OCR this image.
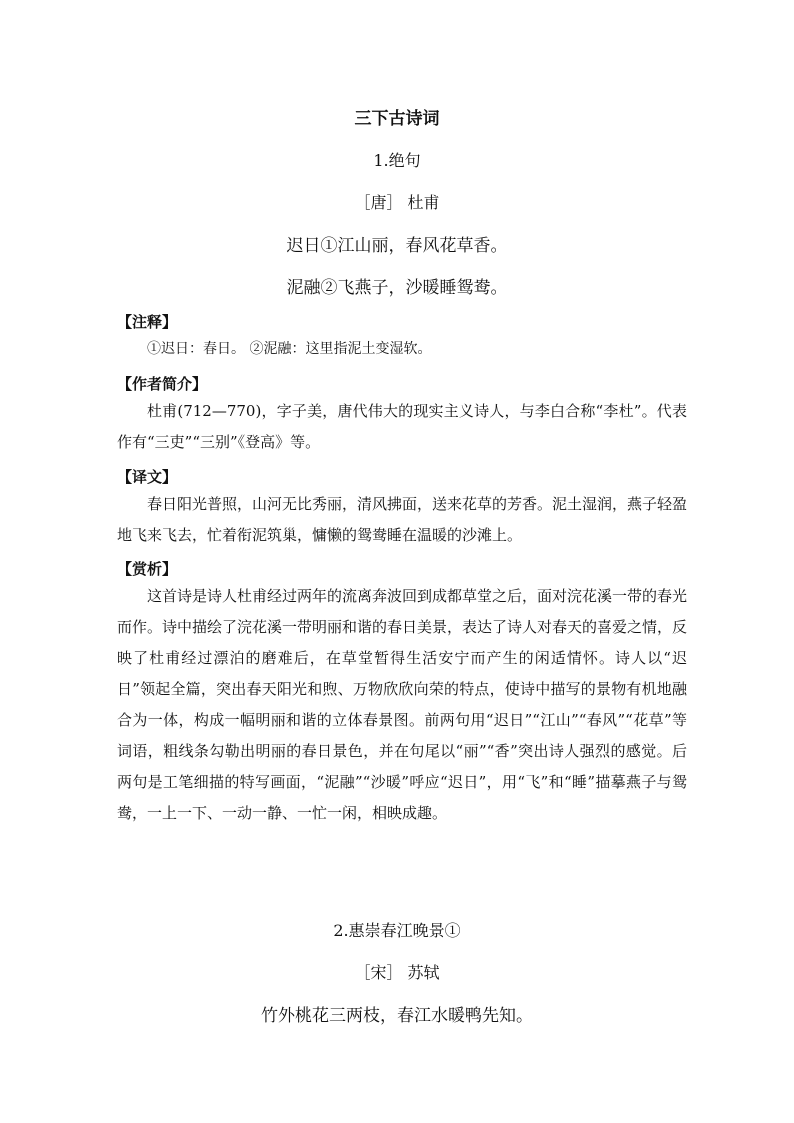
三下古诗词
1.绝句
［唐］ 杜甫
迟日①江山丽，春风花草香。
泥融②飞燕子，沙暖睡鸳鸯。
【注释】
①迟日：春日。 ②泥融：这里指泥土变湿软。
【作者简介】
杜甫(712—770)，字子美，唐代伟大的现实主义诗人，与李白合称“李杜”。代表作有“三吏”“三别”《登高》等。
【译文】
春日阳光普照，山河无比秀丽，清风拂面，送来花草的芳香。泥土湿润，燕子轻盈地飞来飞去，忙着衔泥筑巢，慵懒的鸳鸯睡在温暖的沙滩上。
【赏析】
这首诗是诗人杜甫经过两年的流离奔波回到成都草堂之后，面对浣花溪一带的春光而作。诗中描绘了浣花溪一带明丽和谐的春日美景，表达了诗人对春天的喜爱之情，反映了杜甫经过漂泊的磨难后，在草堂暂得生活安宁而产生的闲适情怀。诗人以“迟日”领起全篇，突出春天阳光和煦、万物欣欣向荣的特点，使诗中描写的景物有机地融合为一体，构成一幅明丽和谐的立体春景图。前两句用“迟日”“江山”“春风”“花草”等词语，粗线条勾勒出明丽的春日景色，并在句尾以“丽”“香”突出诗人强烈的感觉。后两句是工笔细描的特写画面，“泥融”“沙暖”呼应“迟日”，用“飞”和“睡”描摹燕子与鸳鸯，一上一下、一动一静、一忙一闲，相映成趣。
2.惠崇春江晚景①
［宋］ 苏轼
竹外桃花三两枝，春江水暖鸭先知。
